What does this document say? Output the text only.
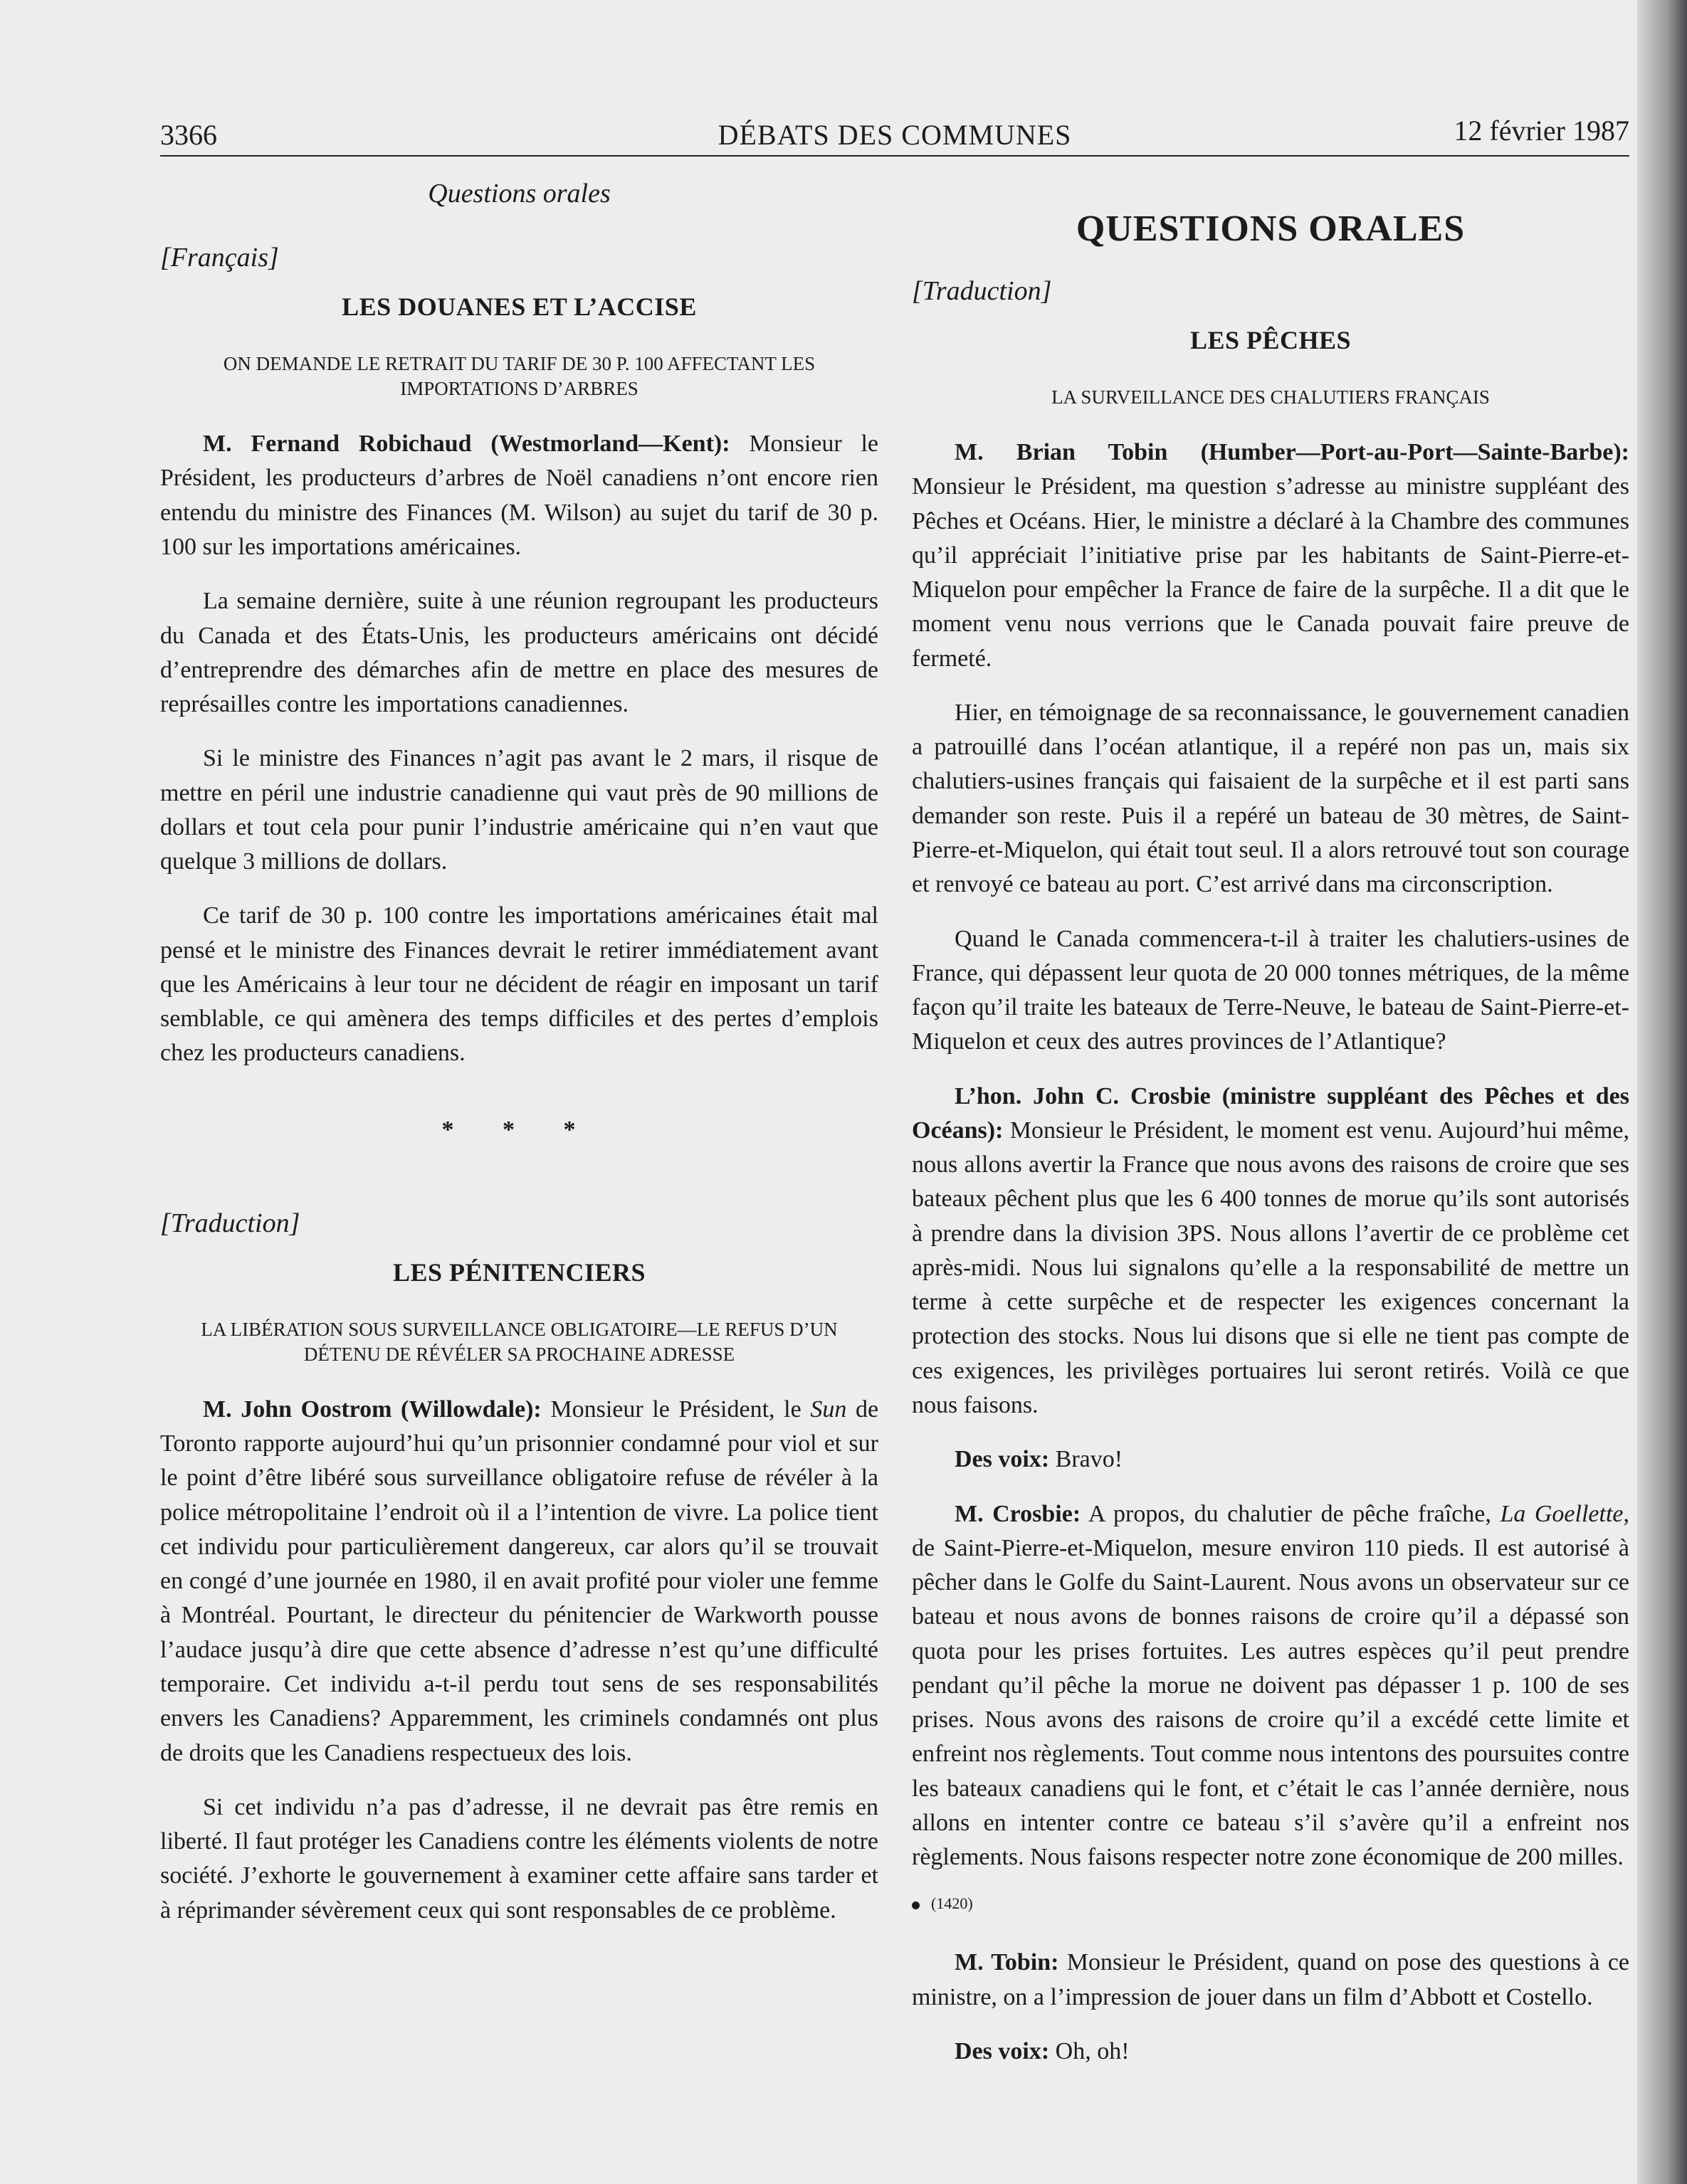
3366	DÉBATS DES COMMUNES	12 février 1987
Questions orales
[Français]
LES DOUANES ET L’ACCISE
ON DEMANDE LE RETRAIT DU TARIF DE 30 P. 100 AFFECTANT LES IMPORTATIONS D’ARBRES

M. Fernand Robichaud (Westmorland—Kent): Monsieur le Président, les producteurs d’arbres de Noël canadiens n’ont encore rien entendu du ministre des Finances (M. Wilson) au sujet du tarif de 30 p. 100 sur les importations américaines.

La semaine dernière, suite à une réunion regroupant les producteurs du Canada et des États-Unis, les producteurs américains ont décidé d’entreprendre des démarches afin de mettre en place des mesures de représailles contre les importations canadiennes.

Si le ministre des Finances n’agit pas avant le 2 mars, il risque de mettre en péril une industrie canadienne qui vaut près de 90 millions de dollars et tout cela pour punir l’industrie américaine qui n’en vaut que quelque 3 millions de dollars.

Ce tarif de 30 p. 100 contre les importations américaines était mal pensé et le ministre des Finances devrait le retirer immédiatement avant que les Américains à leur tour ne décident de réagir en imposant un tarif semblable, ce qui amènera des temps difficiles et des pertes d’emplois chez les producteurs canadiens.

* * *
[Traduction]
LES PÉNITENCIERS
LA LIBÉRATION SOUS SURVEILLANCE OBLIGATOIRE—LE REFUS D’UN DÉTENU DE RÉVÉLER SA PROCHAINE ADRESSE

M. John Oostrom (Willowdale): Monsieur le Président, le Sun de Toronto rapporte aujourd’hui qu’un prisonnier condamné pour viol et sur le point d’être libéré sous surveillance obligatoire refuse de révéler à la police métropolitaine l’endroit où il a l’intention de vivre. La police tient cet individu pour particulièrement dangereux, car alors qu’il se trouvait en congé d’une journée en 1980, il en avait profité pour violer une femme à Montréal. Pourtant, le directeur du pénitencier de Warkworth pousse l’audace jusqu’à dire que cette absence d’adresse n’est qu’une difficulté temporaire. Cet individu a-t-il perdu tout sens de ses responsabilités envers les Canadiens? Apparemment, les criminels condamnés ont plus de droits que les Canadiens respectueux des lois.

Si cet individu n’a pas d’adresse, il ne devrait pas être remis en liberté. Il faut protéger les Canadiens contre les éléments violents de notre société. J’exhorte le gouvernement à examiner cette affaire sans tarder et à réprimander sévèrement ceux qui sont responsables de ce problème.

QUESTIONS ORALES
[Traduction]
LES PÊCHES
LA SURVEILLANCE DES CHALUTIERS FRANÇAIS

M. Brian Tobin (Humber—Port-au-Port—Sainte-Barbe): Monsieur le Président, ma question s’adresse au ministre suppléant des Pêches et Océans. Hier, le ministre a déclaré à la Chambre des communes qu’il appréciait l’initiative prise par les habitants de Saint-Pierre-et-Miquelon pour empêcher la France de faire de la surpêche. Il a dit que le moment venu nous verrions que le Canada pouvait faire preuve de fermeté.

Hier, en témoignage de sa reconnaissance, le gouvernement canadien a patrouillé dans l’océan atlantique, il a repéré non pas un, mais six chalutiers-usines français qui faisaient de la surpêche et il est parti sans demander son reste. Puis il a repéré un bateau de 30 mètres, de Saint-Pierre-et-Miquelon, qui était tout seul. Il a alors retrouvé tout son courage et renvoyé ce bateau au port. C’est arrivé dans ma circonscription.

Quand le Canada commencera-t-il à traiter les chalutiers-usines de France, qui dépassent leur quota de 20 000 tonnes métriques, de la même façon qu’il traite les bateaux de Terre-Neuve, le bateau de Saint-Pierre-et-Miquelon et ceux des autres provinces de l’Atlantique?

L’hon. John C. Crosbie (ministre suppléant des Pêches et des Océans): Monsieur le Président, le moment est venu. Aujourd’hui même, nous allons avertir la France que nous avons des raisons de croire que ses bateaux pêchent plus que les 6 400 tonnes de morue qu’ils sont autorisés à prendre dans la division 3PS. Nous allons l’avertir de ce problème cet après-midi. Nous lui signalons qu’elle a la responsabilité de mettre un terme à cette surpêche et de respecter les exigences concernant la protection des stocks. Nous lui disons que si elle ne tient pas compte de ces exigences, les privilèges portuaires lui seront retirés. Voilà ce que nous faisons.

Des voix: Bravo!

M. Crosbie: A propos, du chalutier de pêche fraîche, La Goellette, de Saint-Pierre-et-Miquelon, mesure environ 110 pieds. Il est autorisé à pêcher dans le Golfe du Saint-Laurent. Nous avons un observateur sur ce bateau et nous avons de bonnes raisons de croire qu’il a dépassé son quota pour les prises fortuites. Les autres espèces qu’il peut prendre pendant qu’il pêche la morue ne doivent pas dépasser 1 p. 100 de ses prises. Nous avons des raisons de croire qu’il a excédé cette limite et enfreint nos règlements. Tout comme nous intentons des poursuites contre les bateaux canadiens qui le font, et c’était le cas l’année dernière, nous allons en intenter contre ce bateau s’il s’avère qu’il a enfreint nos règlements. Nous faisons respecter notre zone économique de 200 milles.

(1420)

M. Tobin: Monsieur le Président, quand on pose des questions à ce ministre, on a l’impression de jouer dans un film d’Abbott et Costello.

Des voix: Oh, oh!
